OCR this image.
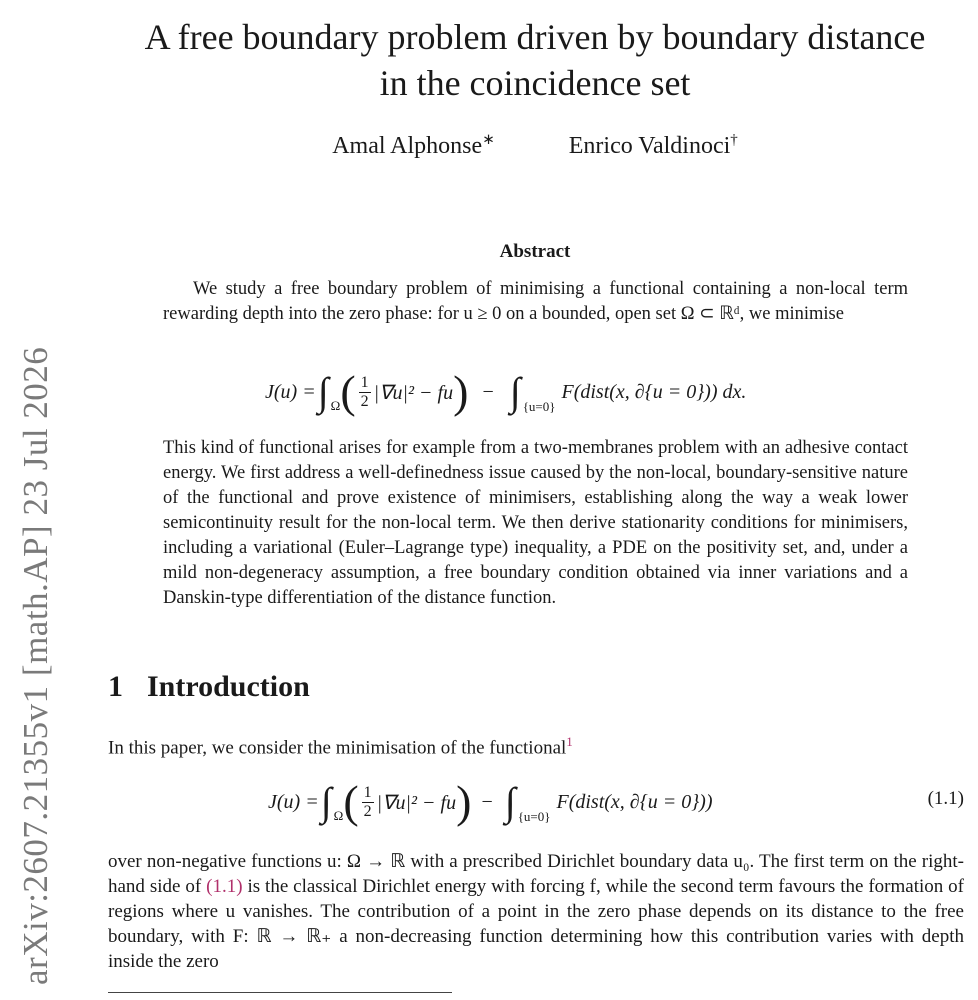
arXiv:2607.21355v1 [math.AP] 23 Jul 2026
A free boundary problem driven by boundary distance
in the coincidence set
Amal Alphonse∗	Enrico Valdinoci†
Abstract
We study a free boundary problem of minimising a functional containing a non-local term rewarding depth into the zero phase: for u ≥ 0 on a bounded, open set Ω ⊂ ℝᵈ, we minimise
$J(u) = \int_\Omega$ ( $\frac{1}{2} |\nabla u|^2$ − fu ) − $\int_{\{u=0\}}$
F(dist(x, ∂{u = 0})) dx.
This kind of functional arises for example from a two-membranes problem with an adhesive contact energy. We first address a well-definedness issue caused by the non-local, boundary-sensitive nature of the functional and prove existence of minimisers, establishing along the way a weak lower semicontinuity result for the non-local term. We then derive stationarity conditions for minimisers, including a variational (Euler–Lagrange type) inequality, a PDE on the positivity set, and, under a mild non-degeneracy assumption, a free boundary condition obtained via inner variations and a Danskin-type differentiation of the distance function.
1 Introduction
In this paper, we consider the minimisation of the functional$^1$
$J(u) = \int_\Omega$ ( $\frac{1}{2} |\nabla u|^2$ − fu ) − $\int_{\{u=0\}}$
F(dist(x, ∂{u = 0}))	(1.1)
over non-negative functions u: Ω → ℝ with a prescribed Dirichlet boundary data u₀. The first term on the right-hand side of (1.1) is the classical Dirichlet energy with forcing f, while the second term favours the formation of regions where u vanishes. The contribution of a point in the zero phase depends on its distance to the free boundary, with F: ℝ → ℝ₊ a non-decreasing function determining how this contribution varies with depth inside the zero
